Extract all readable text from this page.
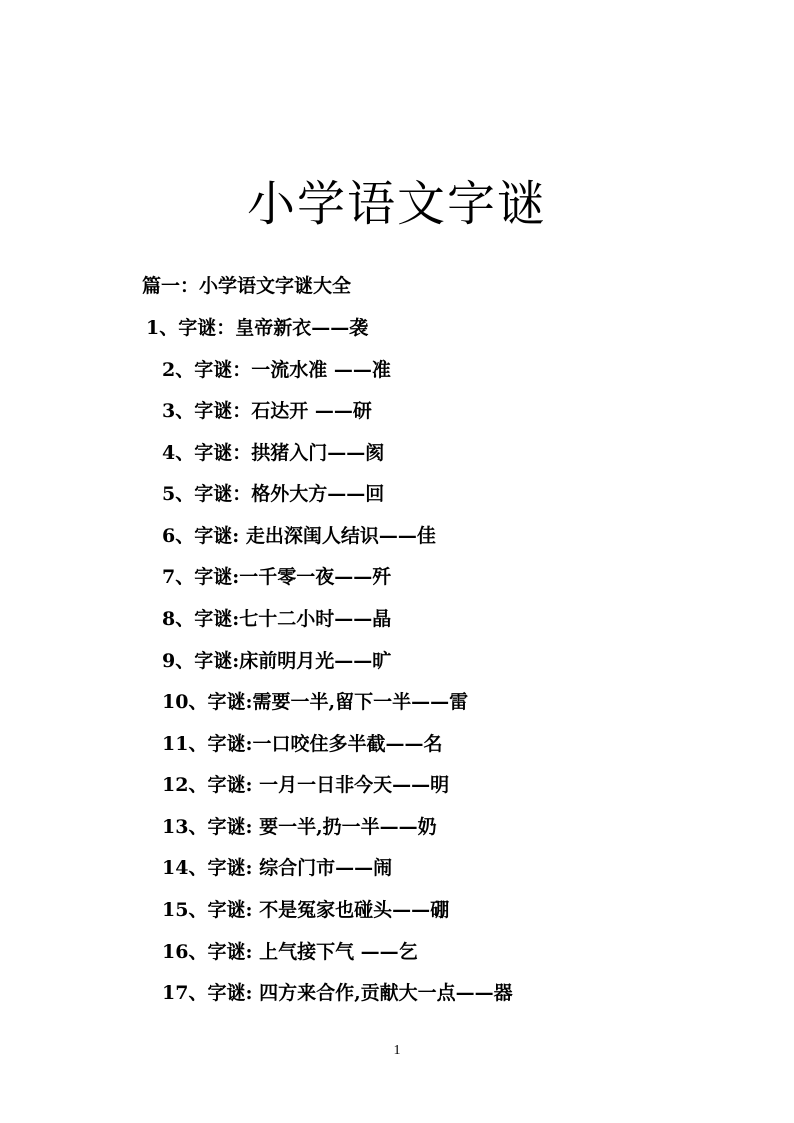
小学语文字谜
篇一：小学语文字谜大全
1、字谜：皇帝新衣——袭
2、字谜：一流水准 ——准
3、字谜：石达开 ——研
4、字谜：拱猪入门——阂
5、字谜：格外大方——回
6、字谜: 走出深闺人结识——佳
7、字谜:一千零一夜——歼
8、字谜:七十二小时——晶
9、字谜:床前明月光——旷
10、字谜:需要一半,留下一半——雷
11、字谜:一口咬住多半截——名
12、字谜: 一月一日非今天——明
13、字谜: 要一半,扔一半——奶
14、字谜: 综合门市——闹
15、字谜: 不是冤家也碰头——硼
16、字谜: 上气接下气 ——乞
17、字谜: 四方来合作,贡献大一点——器
1
